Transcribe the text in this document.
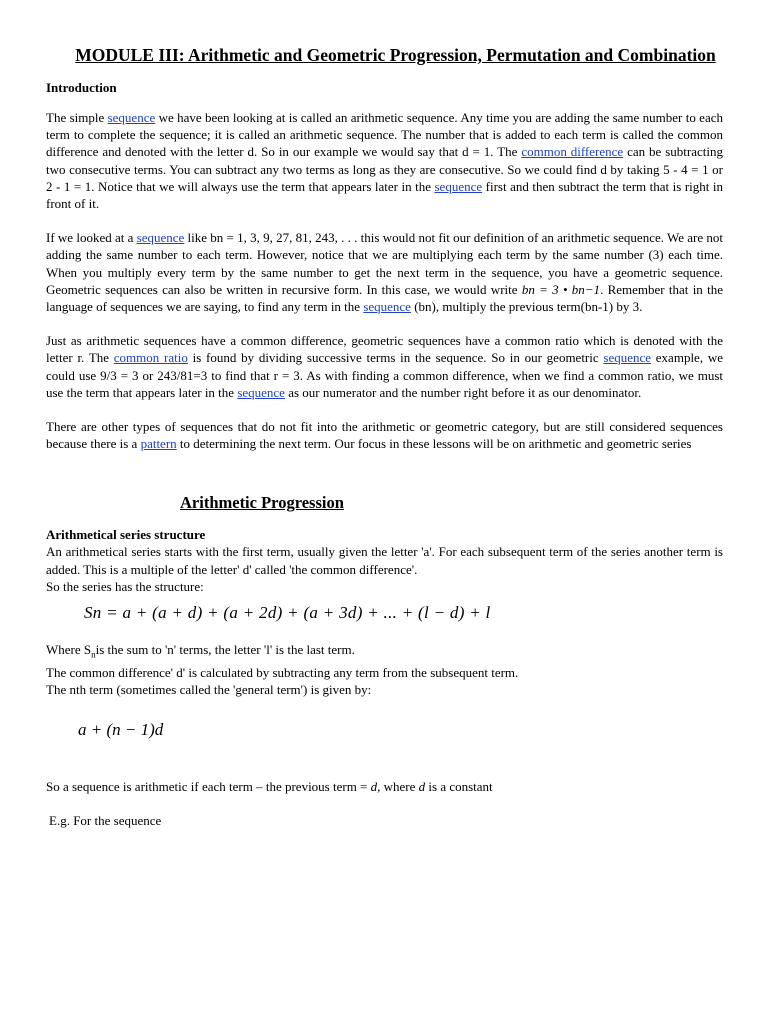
MODULE III: Arithmetic and Geometric Progression, Permutation and Combination
Introduction

The simple sequence we have been looking at is called an arithmetic sequence. Any time you are adding the same number to each term to complete the sequence; it is called an arithmetic sequence. The number that is added to each term is called the common difference and denoted with the letter d. So in our example we would say that d = 1. The common difference can be subtracting two consecutive terms. You can subtract any two terms as long as they are consecutive. So we could find d by taking 5 - 4 = 1 or 2 - 1 = 1. Notice that we will always use the term that appears later in the sequence first and then subtract the term that is right in front of it.

If we looked at a sequence like bn = 1, 3, 9, 27, 81, 243, . . . this would not fit our definition of an arithmetic sequence. We are not adding the same number to each term. However, notice that we are multiplying each term by the same number (3) each time. When you multiply every term by the same number to get the next term in the sequence, you have a geometric sequence. Geometric sequences can also be written in recursive form. In this case, we would write bn = 3 • bn−1. Remember that in the language of sequences we are saying, to find any term in the sequence (bn), multiply the previous term(bn-1) by 3.

Just as arithmetic sequences have a common difference, geometric sequences have a common ratio which is denoted with the letter r. The common ratio is found by dividing successive terms in the sequence. So in our geometric sequence example, we could use 9/3 = 3 or 243/81=3 to find that r = 3. As with finding a common difference, when we find a common ratio, we must use the term that appears later in the sequence as our numerator and the number right before it as our denominator.

There are other types of sequences that do not fit into the arithmetic or geometric category, but are still considered sequences because there is a pattern to determining the next term. Our focus in these lessons will be on arithmetic and geometric series

Arithmetic Progression
Arithmetical series structure

An arithmetical series starts with the first term, usually given the letter 'a'. For each subsequent term of the series another term is added. This is a multiple of the letter' d' called 'the common difference'.

So the series has the structure:

Sn = a + (a + d) + (a + 2d) + (a + 3d) + ... + (l − d) + l

Where $S_nis$ the sum to 'n' terms, the letter 'l' is the last term.

The common difference' d' is calculated by subtracting any term from the subsequent term.

The nth term (sometimes called the 'general term') is given by:

a + (n − 1)d

So a sequence is arithmetic if each term – the previous term = d, where d is a constant

E.g. For the sequence
